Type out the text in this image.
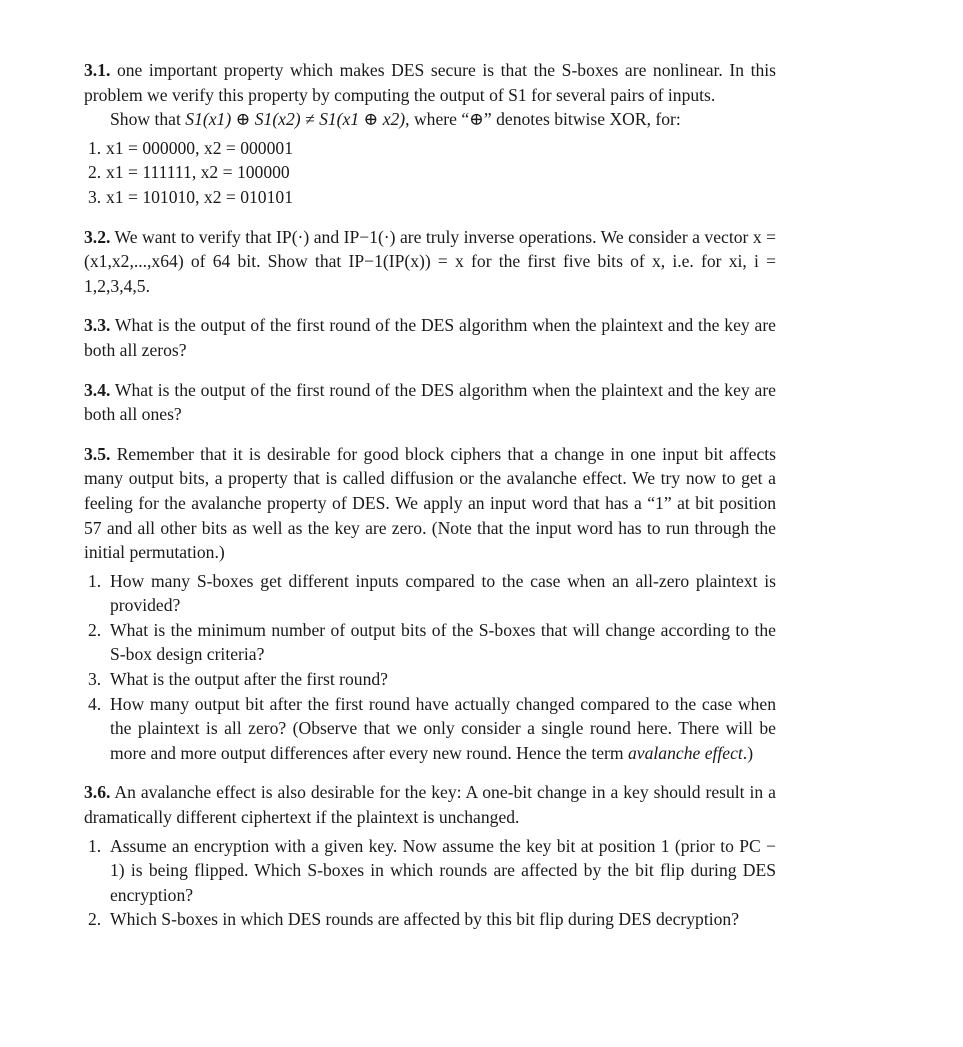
3.1. one important property which makes DES secure is that the S-boxes are nonlinear. In this problem we verify this property by computing the output of S1 for several pairs of inputs.

Show that S1(x1) ⊕ S1(x2) ≠ S1(x1 ⊕ x2), where “⊕” denotes bitwise XOR, for:

1. x1 = 000000, x2 = 000001
2. x1 = 111111, x2 = 100000
3. x1 = 101010, x2 = 010101

3.2. We want to verify that IP(·) and IP−1(·) are truly inverse operations. We consider a vector x = (x1,x2,...,x64) of 64 bit. Show that IP−1(IP(x)) = x for the first five bits of x, i.e. for xi, i = 1,2,3,4,5.

3.3. What is the output of the first round of the DES algorithm when the plaintext and the key are both all zeros?

3.4. What is the output of the first round of the DES algorithm when the plaintext and the key are both all ones?

3.5. Remember that it is desirable for good block ciphers that a change in one input bit affects many output bits, a property that is called diffusion or the avalanche effect. We try now to get a feeling for the avalanche property of DES. We apply an input word that has a “1” at bit position 57 and all other bits as well as the key are zero. (Note that the input word has to run through the initial permutation.)

1. How many S-boxes get different inputs compared to the case when an all-zero plaintext is provided?
2. What is the minimum number of output bits of the S-boxes that will change according to the S-box design criteria?
3. What is the output after the first round?
4. How many output bit after the first round have actually changed compared to the case when the plaintext is all zero? (Observe that we only consider a single round here. There will be more and more output differences after every new round. Hence the term avalanche effect.)

3.6. An avalanche effect is also desirable for the key: A one-bit change in a key should result in a dramatically different ciphertext if the plaintext is unchanged.

1. Assume an encryption with a given key. Now assume the key bit at position 1 (prior to PC − 1) is being flipped. Which S-boxes in which rounds are affected by the bit flip during DES encryption?
2. Which S-boxes in which DES rounds are affected by this bit flip during DES decryption?
